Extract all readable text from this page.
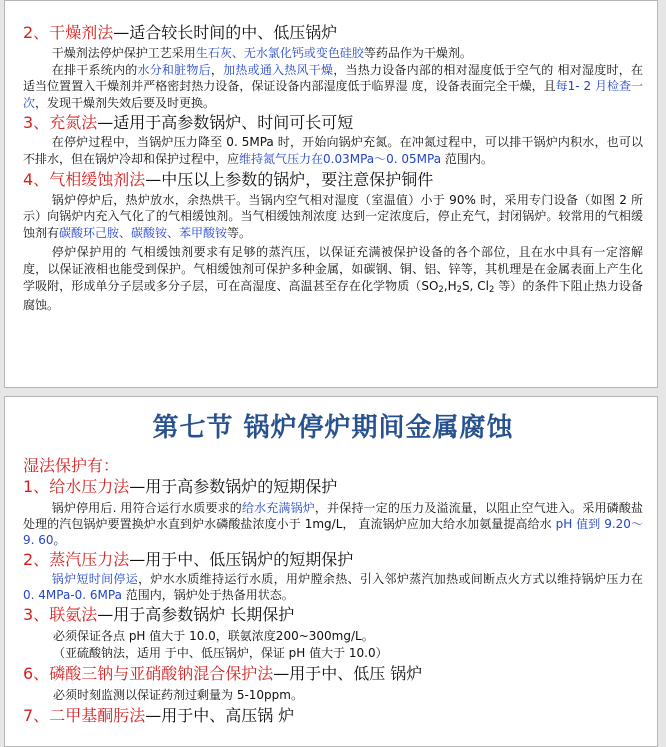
2、干燥剂法—适合较长时间的中、低压锅炉

干燥剂法停炉保护工艺采用生石灰、无水氯化钙或变色硅胶等药品作为干燥剂。

在排干系统内的水分和脏物后，加热或通入热风干燥，当热力设备内部的相对湿度低于空气的 相对湿度时，在适当位置置入干燥剂并严格密封热力设备，保证设备内部湿度低于临界湿 度，设备表面完全干燥，且每1- 2 月检查一次，发现干燥剂失效后要及时更换。

3、充氮法—适用于高参数锅炉、时间可长可短

在停炉过程中，当锅炉压力降至 0. 5MPa 时，开始向锅炉充氮。在冲氮过程中，可以排干锅炉内积水，也可以不排水，但在锅炉冷却和保护过程中，应维持氮气压力在0.03MPa～0. 05MPa 范围内。

4、气相缓蚀剂法—中压以上参数的锅炉，要注意保护铜件

锅炉停炉后，热炉放水，余热烘干。当锅内空气相对湿度（室温值）小于 90% 时，采用专门设备（如图 2 所示）向锅炉内充入气化了的气相缓蚀剂。当气相缓蚀剂浓度 达到一定浓度后，停止充气，封闭锅炉。较常用的气相缓蚀剂有碳酸环己胺、碳酸铵、苯甲酸铵等。

停炉保护用的 气相缓蚀剂要求有足够的蒸汽压，以保证充满被保护设备的各个部位，且在水中具有一定溶解度，以保证液相也能受到保护。气相缓蚀剂可保护多种金属，如碳钢、铜、铝、锌等，其机理是在金属表面上产生化学吸附，形成单分子层或多分子层，可在高湿度、高温甚至存在化学物质（$SO_2,H_2S$, $Cl_2$ 等）的条件下阻止热力设备腐蚀。

第七节 锅炉停炉期间金属腐蚀

湿法保护有：

1、给水压力法—用于高参数锅炉的短期保护

锅炉停用后. 用符合运行水质要求的给水充满锅炉，并保持一定的压力及溢流量，以阻止空气进入。采用磷酸盐处理的汽包锅炉要置换炉水直到炉水磷酸盐浓度小于 1mg/L， 直流锅炉应加大给水加氨量提高给水 pH 值到 9.20～9. 60。

2、蒸汽压力法—用于中、低压锅炉的短期保护

锅炉短时间停运，炉水水质维持运行水质，用炉膛余热、引入邻炉蒸汽加热或间断点火方式以维持锅炉压力在 0. 4MPa-0. 6MPa 范围内，锅炉处于热备用状态。

3、联氨法—用于高参数锅炉 长期保护

必须保证各点 pH 值大于 10.0，联氨浓度200~300mg/L。

（亚硫酸钠法，适用 于中、低压锅炉，保证 pH 值大于 10.0）

6、磷酸三钠与亚硝酸钠混合保护法—用于中、低压 锅炉

必须时刻监测以保证药剂过剩量为 5-10ppm。

7、二甲基酮肟法—用于中、高压锅 炉
